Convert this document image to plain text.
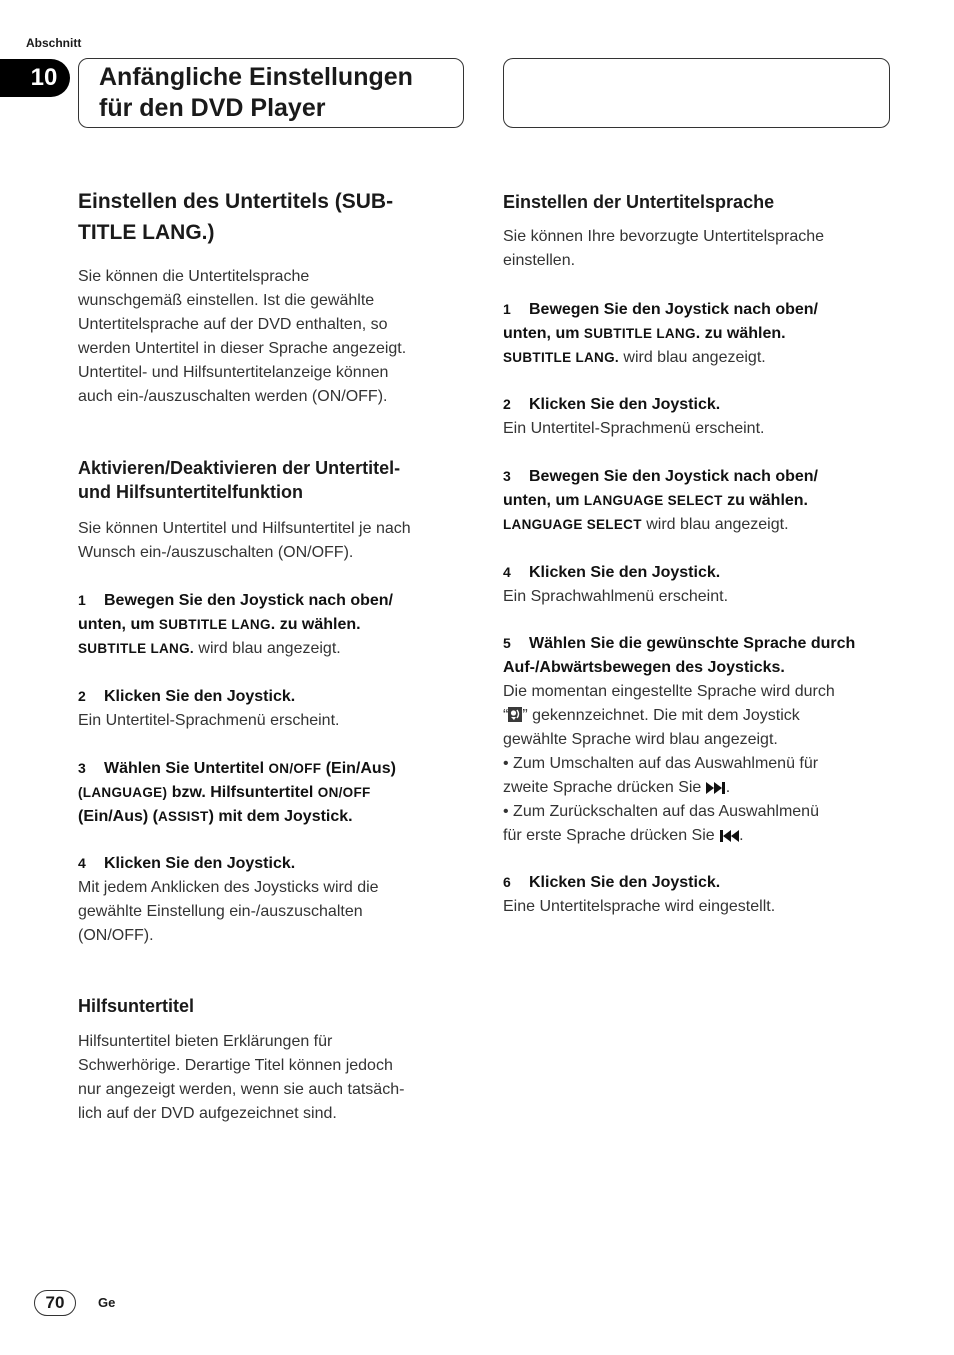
Abschnitt
10	Anfängliche Einstellungen
für den DVD Player
Einstellen des Untertitels (SUB-
TITLE LANG.)
Sie können die Untertitelsprache
wunschgemäß einstellen. Ist die gewählte
Untertitelsprache auf der DVD enthalten, so
werden Untertitel in dieser Sprache angezeigt.
Untertitel- und Hilfsuntertitelanzeige können
auch ein-/auszuschalten werden (ON/OFF).
Aktivieren/Deaktivieren der Untertitel-
und Hilfsuntertitelfunktion
Sie können Untertitel und Hilfsuntertitel je nach
Wunsch ein-/auszuschalten (ON/OFF).
1 Bewegen Sie den Joystick nach oben/
unten, um SUBTITLE LANG. zu wählen.
SUBTITLE LANG. wird blau angezeigt.
2 Klicken Sie den Joystick.
Ein Untertitel-Sprachmenü erscheint.
3 Wählen Sie Untertitel ON/OFF (Ein/Aus)
(LANGUAGE) bzw. Hilfsuntertitel ON/OFF
(Ein/Aus) (ASSIST) mit dem Joystick.
4 Klicken Sie den Joystick.
Mit jedem Anklicken des Joysticks wird die
gewählte Einstellung ein-/auszuschalten
(ON/OFF).
Hilfsuntertitel
Hilfsuntertitel bieten Erklärungen für
Schwerhörige. Derartige Titel können jedoch
nur angezeigt werden, wenn sie auch tatsäch-
lich auf der DVD aufgezeichnet sind.
Einstellen der Untertitelsprache
Sie können Ihre bevorzugte Untertitelsprache
einstellen.
1 Bewegen Sie den Joystick nach oben/
unten, um SUBTITLE LANG. zu wählen.
SUBTITLE LANG. wird blau angezeigt.
2 Klicken Sie den Joystick.
Ein Untertitel-Sprachmenü erscheint.
3 Bewegen Sie den Joystick nach oben/
unten, um LANGUAGE SELECT zu wählen.
LANGUAGE SELECT wird blau angezeigt.
4 Klicken Sie den Joystick.
Ein Sprachwahlmenü erscheint.
5 Wählen Sie die gewünschte Sprache durch
Auf-/Abwärtsbewegen des Joysticks.
Die momentan eingestellte Sprache wird durch
“ ” gekennzeichnet. Die mit dem Joystick
gewählte Sprache wird blau angezeigt.
• Zum Umschalten auf das Auswahlmenü für
zweite Sprache drücken Sie .
• Zum Zurückschalten auf das Auswahlmenü
für erste Sprache drücken Sie .
6 Klicken Sie den Joystick.
Eine Untertitelsprache wird eingestellt.
70	Ge
